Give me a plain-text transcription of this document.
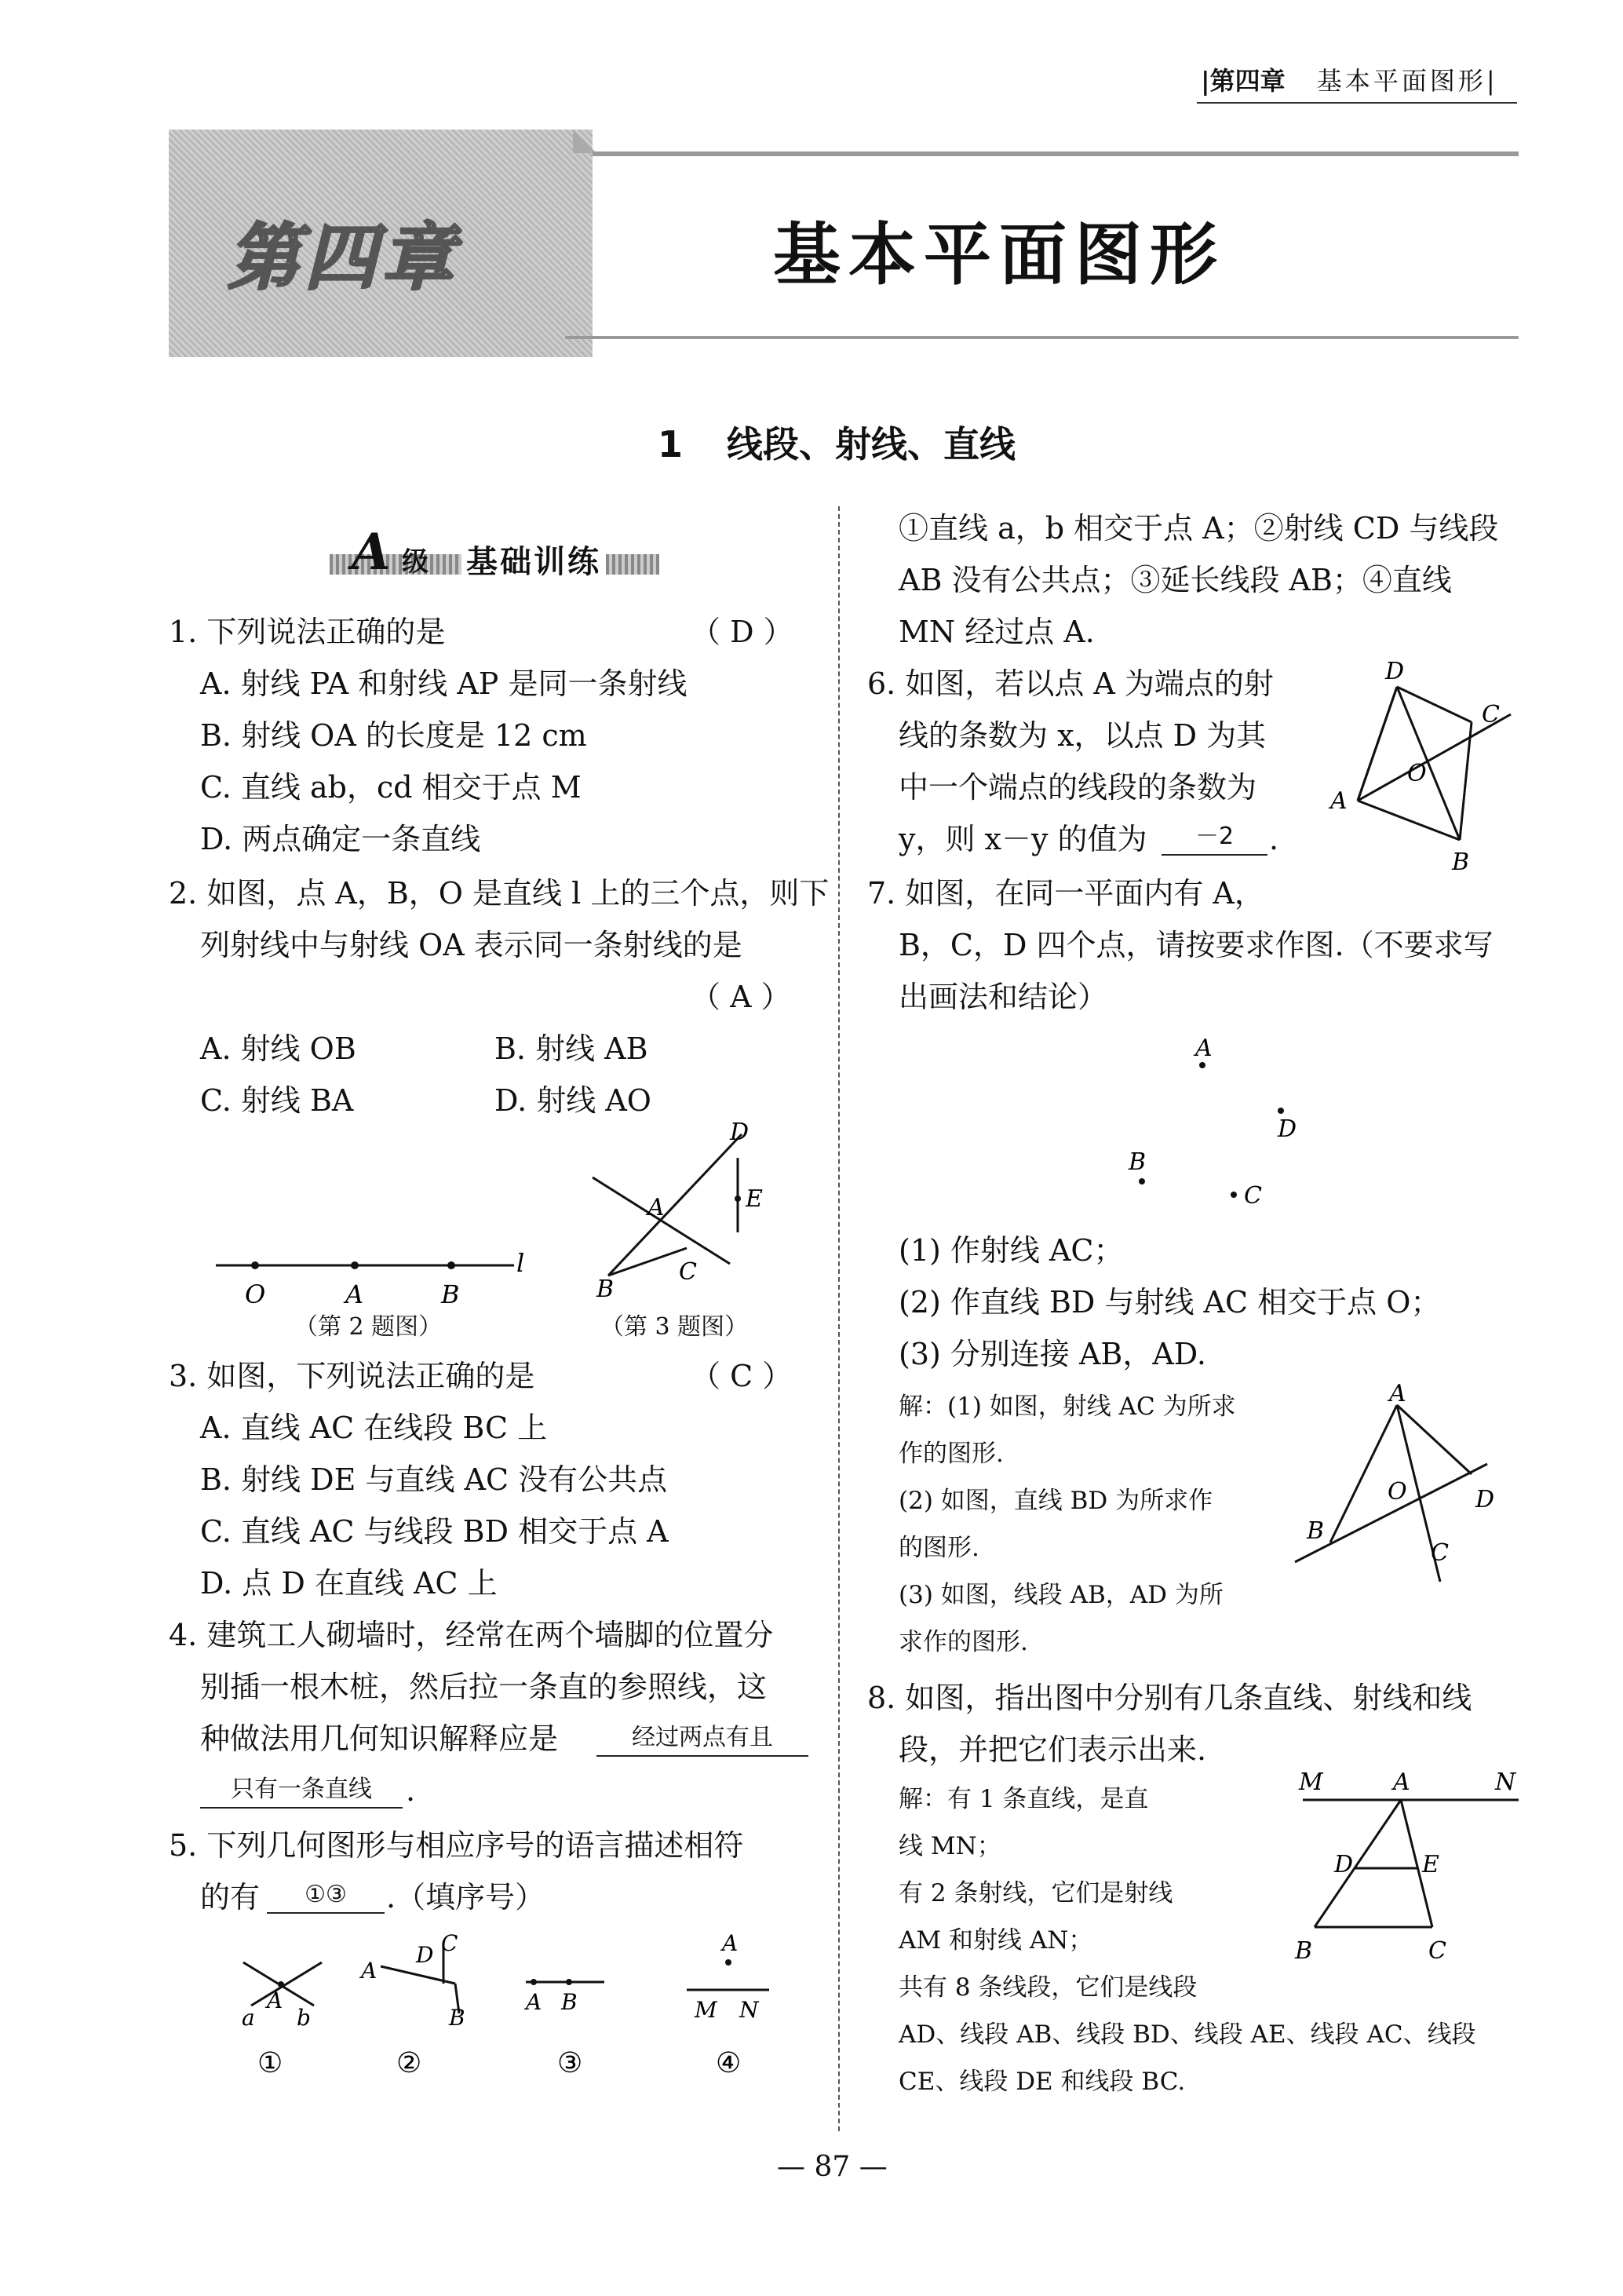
|第四章 基本平面图形|
第四章	基本平面图形
1 线段、射线、直线
A 级 基础训练
1. 下列说法正确的是	（ D ）
A. 射线 PA 和射线 AP 是同一条射线
B. 射线 OA 的长度是 12 cm
C. 直线 ab，cd 相交于点 M
D. 两点确定一条直线
2. 如图，点 A，B，O 是直线 l 上的三个点，则下
列射线中与射线 OA 表示同一条射线的是
（ A ）
A. 射线 OB	B. 射线 AB
C. 射线 BA	D. 射线 AO
O	A	B
l
（第 2 题图）
D
E
A
B
C
（第 3 题图）
3. 如图，下列说法正确的是	（ C ）
A. 直线 AC 在线段 BC 上
B. 射线 DE 与直线 AC 没有公共点
C. 直线 AC 与线段 BD 相交于点 A
D. 点 D 在直线 AC 上
4. 建筑工人砌墙时，经常在两个墙脚的位置分
别插一根木桩，然后拉一条直的参照线，这
种做法用几何知识解释应是	经过两点有且
只有一条直线	.
5. 下列几何图形与相应序号的语言描述相符
的有	①③	.（填序号）
A
a b
①
A
D C
B
②
A B
③
A
M N
④
①直线 a，b 相交于点 A；②射线 CD 与线段
AB 没有公共点；③延长线段 AB；④直线
MN 经过点 A.
6. 如图，若以点 A 为端点的射
线的条数为 x，以点 D 为其
中一个端点的线段的条数为
y，则 x－y 的值为	－2	.
D
C
O
A
B
7. 如图，在同一平面内有 A，
B，C，D 四个点，请按要求作图.（不要求写
出画法和结论）
A
D
B
C
(1) 作射线 AC；
(2) 作直线 BD 与射线 AC 相交于点 O；
(3) 分别连接 AB，AD.
解：(1) 如图，射线 AC 为所求
作的图形.
(2) 如图，直线 BD 为所求作
的图形.
(3) 如图，线段 AB，AD 为所
求作的图形.
A
D
O
B
C
8. 如图，指出图中分别有几条直线、射线和线
段，并把它们表示出来.
解：有 1 条直线，是直
线 MN；
有 2 条射线，它们是射线
AM 和射线 AN；
共有 8 条线段，它们是线段
AD、线段 AB、线段 BD、线段 AE、线段 AC、线段
CE、线段 DE 和线段 BC.
M	A	N
D	E
B	C
— 87 —
